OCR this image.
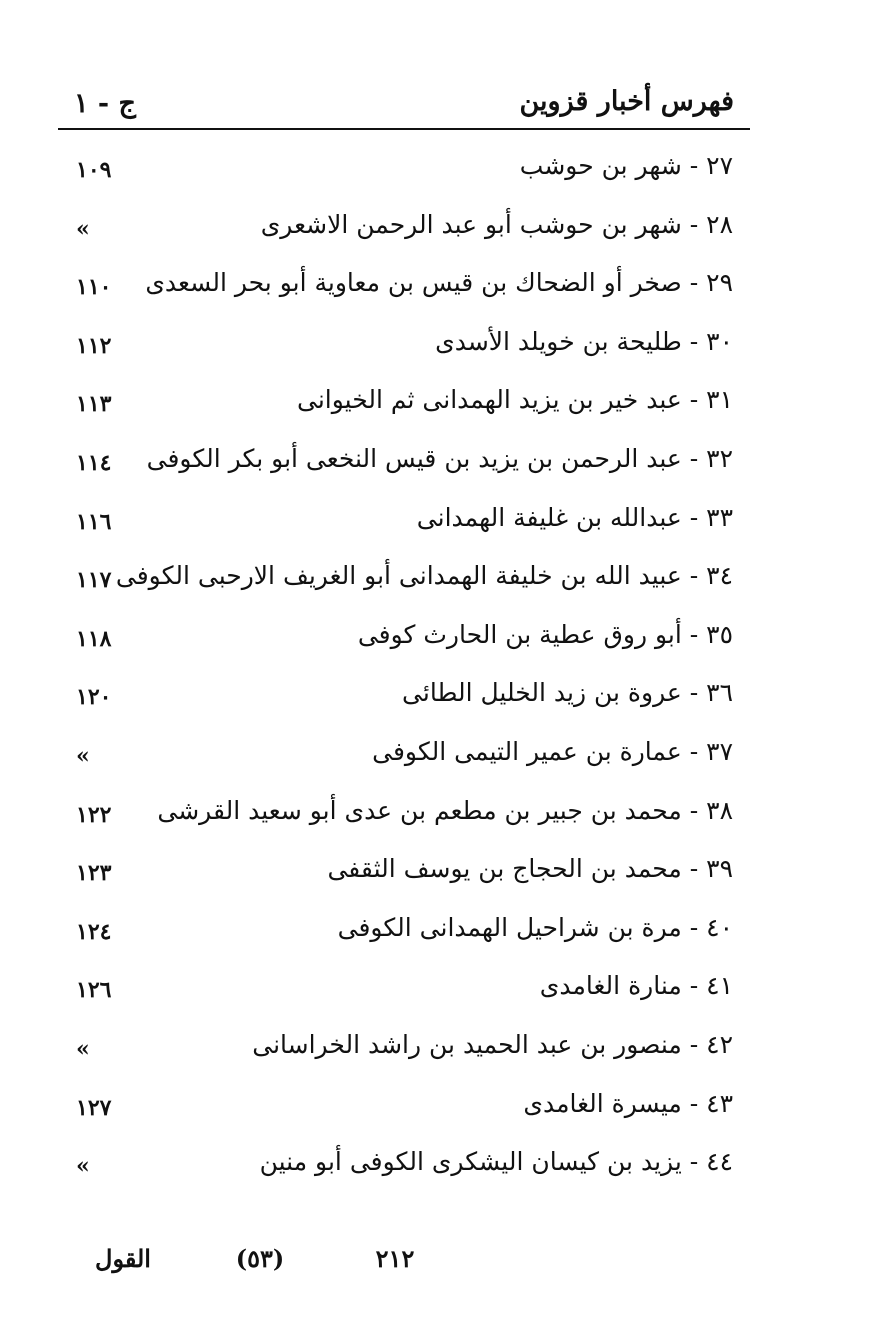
فهرس أخبار قزوين
ج - ١
٢٧ - شهر بن حوشب
١٠٩
٢٨ - شهر بن حوشب أبو عبد الرحمن الاشعرى
»
٢٩ - صخر أو الضحاك بن قيس بن معاوية أبو بحر السعدى
١١٠
٣٠ - طليحة بن خويلد الأسدى
١١٢
٣١ - عبد خير بن يزيد الهمدانى ثم الخيوانى
١١٣
٣٢ - عبد الرحمن بن يزيد بن قيس النخعى أبو بكر الكوفى
١١٤
٣٣ - عبدالله بن غليفة الهمدانى
١١٦
٣٤ - عبيد الله بن خليفة الهمدانى أبو الغريف الارحبى الكوفى
١١٧
٣٥ - أبو روق عطية بن الحارث كوفى
١١٨
٣٦ - عروة بن زيد الخليل الطائى
١٢٠
٣٧ - عمارة بن عمير التيمى الكوفى
»
٣٨ - محمد بن جبير بن مطعم بن عدى أبو سعيد القرشى
١٢٢
٣٩ - محمد بن الحجاج بن يوسف الثقفى
١٢٣
٤٠ - مرة بن شراحيل الهمدانى الكوفى
١٢٤
٤١ - منارة الغامدى
١٢٦
٤٢ - منصور بن عبد الحميد بن راشد الخراسانى
»
٤٣ - ميسرة الغامدى
١٢٧
٤٤ - يزيد بن كيسان اليشكرى الكوفى أبو منين
»
٢١٢
(٥٣)
القول
